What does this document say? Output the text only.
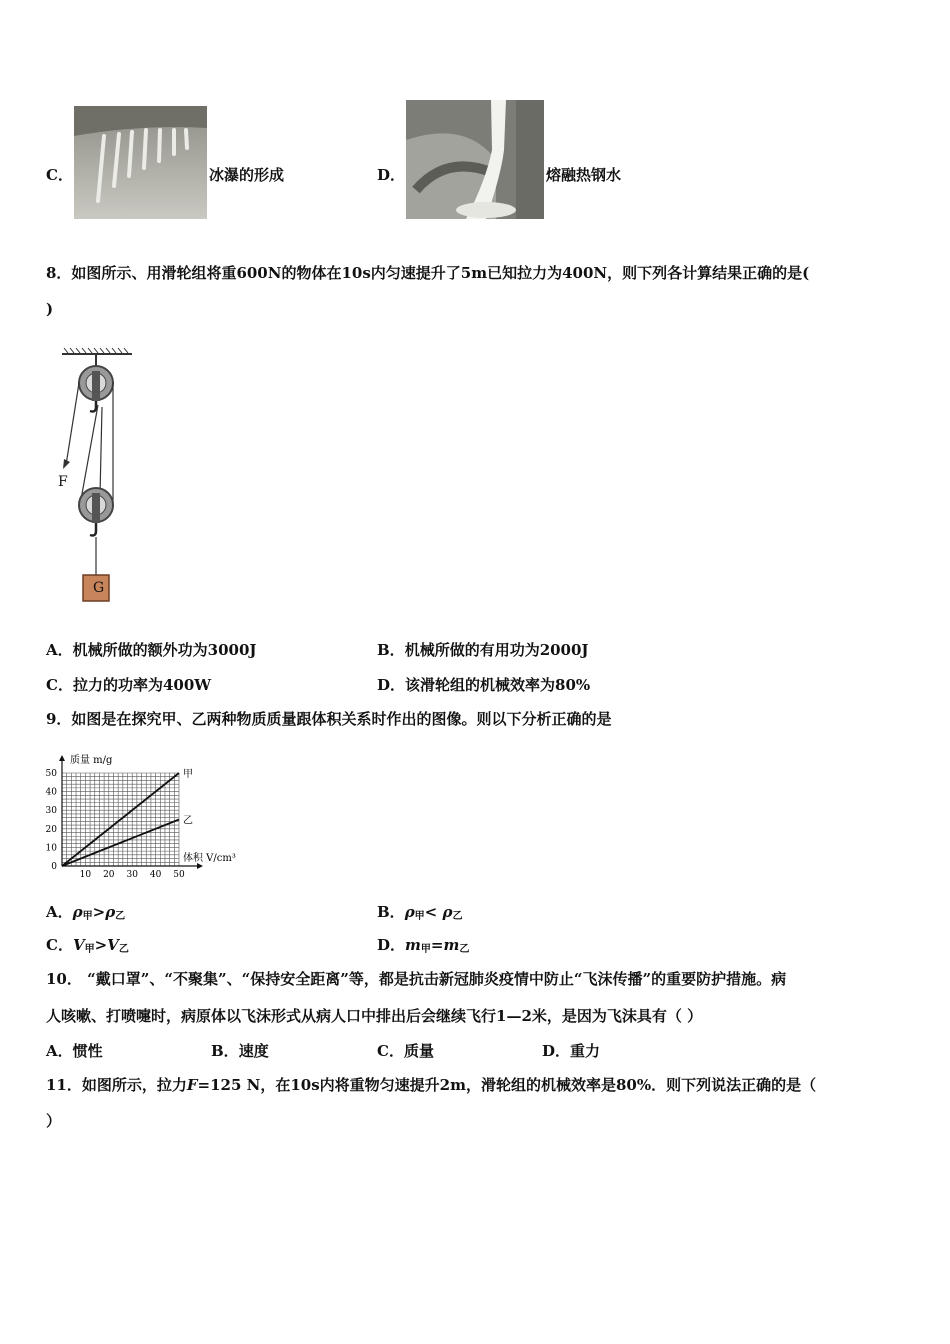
C．	冰瀑的形成	D．	熔融热钢水
8．如图所示、用滑轮组将重600N的物体在10s内匀速提升了5m已知拉力为400N，则下列各计算结果正确的是(
)
F
G
A．机械所做的额外功为3000J	B．机械所做的有用功为2000J
C．拉力的功率为400W	D．该滑轮组的机械效率为80%
9．如图是在探究甲、乙两种物质质量跟体积关系时作出的图像。则以下分析正确的是
10 20 30 40 50
0
10
20
30
40
50	甲
乙
质量 m/g
体积 V/cm³
A．$\rho_甲>\rho_乙$	B．$\rho_甲< \rho_乙$
C．$V_甲>V_乙$	D．$m_甲=m_乙$
10． “戴口罩”、“不聚集”、“保持安全距离”等，都是抗击新冠肺炎疫情中防止“飞沫传播”的重要防护措施。病
人咳嗽、打喷嚏时，病原体以飞沫形式从病人口中排出后会继续飞行1—2米，是因为飞沫具有（ ）
A．惯性	B．速度	C．质量	D．重力
11．如图所示，拉力F=125 N，在10s内将重物匀速提升2m，滑轮组的机械效率是80%．则下列说法正确的是（
）
